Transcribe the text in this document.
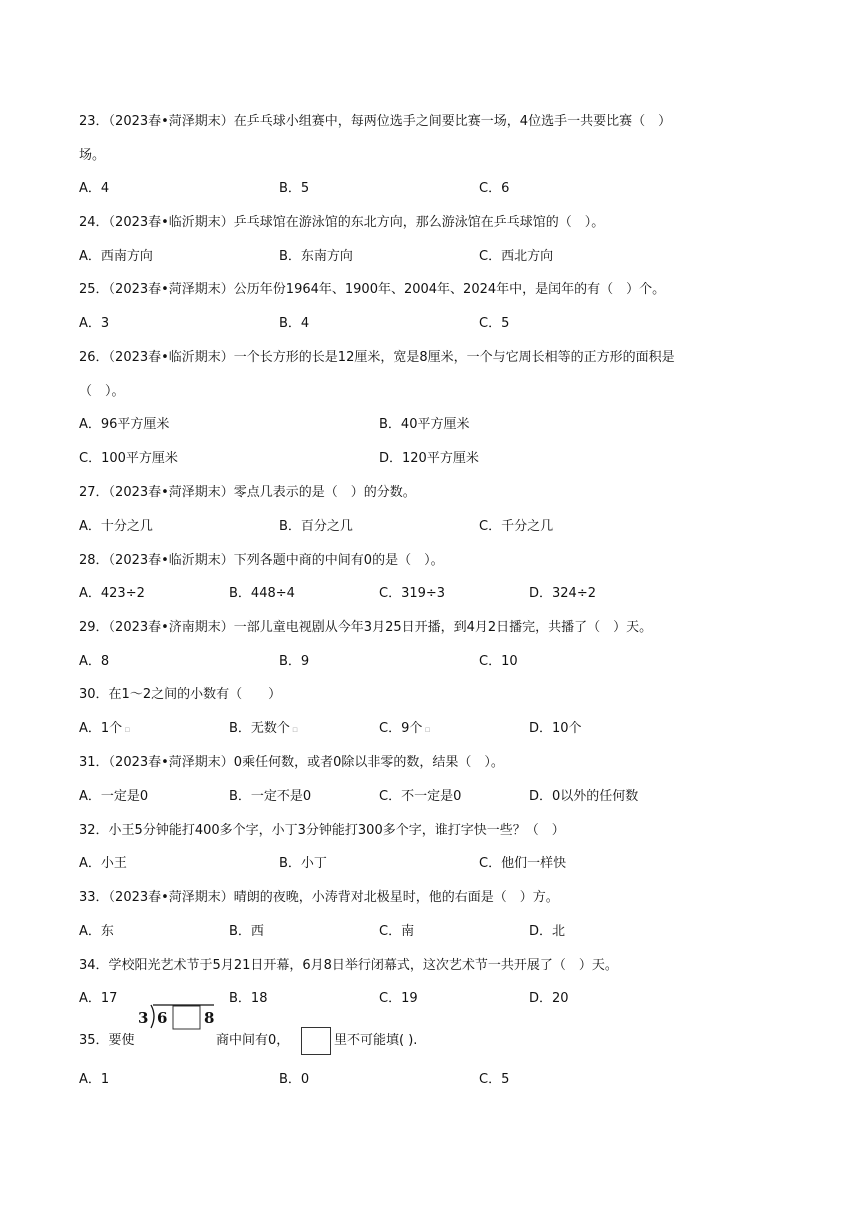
23．（2023春•菏泽期末）在乒乓球小组赛中，每两位选手之间要比赛一场，4位选手一共要比赛（　）
场。
A．4	B．5	C．6
24．（2023春•临沂期末）乒乓球馆在游泳馆的东北方向，那么游泳馆在乒乓球馆的（　）。
A．西南方向	B．东南方向	C．西北方向
25．（2023春•菏泽期末）公历年份1964年、1900年、2004年、2024年中，是闰年的有（　）个。
A．3	B．4	C．5
26．（2023春•临沂期末）一个长方形的长是12厘米，宽是8厘米，一个与它周长相等的正方形的面积是
（　）。
A．96平方厘米	B．40平方厘米
C．100平方厘米	D．120平方厘米
27．（2023春•菏泽期末）零点几表示的是（　）的分数。
A．十分之几	B．百分之几	C．千分之几
28．（2023春•临沂期末）下列各题中商的中间有0的是（　）。
A．423÷2	B．448÷4	C．319÷3	D．324÷2
29．（2023春•济南期末）一部儿童电视剧从今年3月25日开播，到4月2日播完，共播了（　）天。
A．8	B．9	C．10
30．在1～2之间的小数有（　　）
A．1个 ▫	B．无数个 ▫	C．9个 ▫	D．10个
31．（2023春•菏泽期末）0乘任何数，或者0除以非零的数，结果（　）。
A．一定是0	B．一定不是0	C．不一定是0	D．0以外的任何数
32．小王5分钟能打400多个字，小丁3分钟能打300多个字，谁打字快一些？（　）
A．小王	B．小丁	C．他们一样快
33．（2023春•菏泽期末）晴朗的夜晚，小涛背对北极星时，他的右面是（　）方。
A．东	B．西	C．南	D．北
34．学校阳光艺术节于5月21日开幕，6月8日举行闭幕式，这次艺术节一共开展了（　）天。
A．17	B．18	C．19	D．20
35．要使
3 6 8
商中间有0，	里不可能填( ).
A．1	B．0	C．5
